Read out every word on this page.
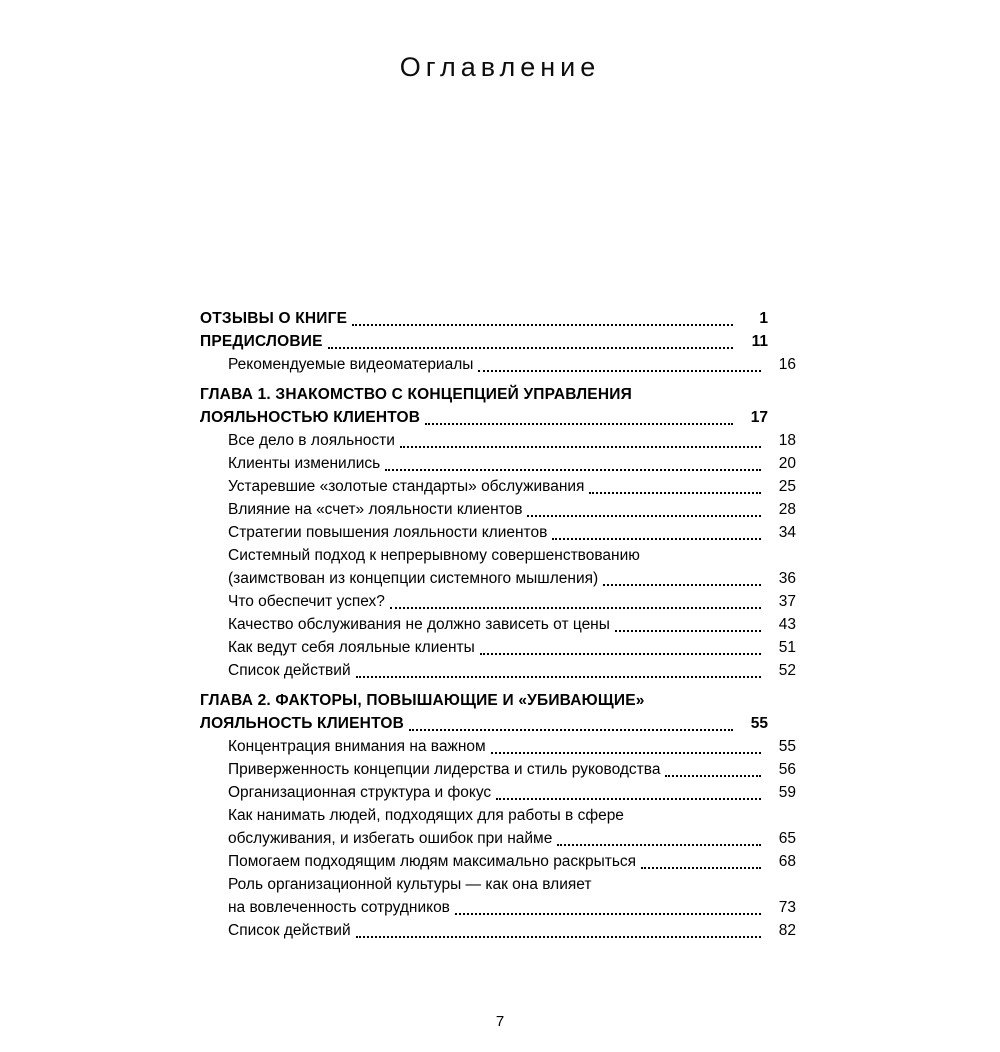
Оглавление
ОТЗЫВЫ О КНИГЕ	1
ПРЕДИСЛОВИЕ	11
Рекомендуемые видеоматериалы	16
ГЛАВА 1. ЗНАКОМСТВО С КОНЦЕПЦИЕЙ УПРАВЛЕНИЯ
ЛОЯЛЬНОСТЬЮ КЛИЕНТОВ	17
Все дело в лояльности	18
Клиенты изменились	20
Устаревшие «золотые стандарты» обслуживания	25
Влияние на «счет» лояльности клиентов	28
Стратегии повышения лояльности клиентов	34
Системный подход к непрерывному совершенствованию
(заимствован из концепции системного мышления)	36
Что обеспечит успех?	37
Качество обслуживания не должно зависеть от цены	43
Как ведут себя лояльные клиенты	51
Список действий	52
ГЛАВА 2. ФАКТОРЫ, ПОВЫШАЮЩИЕ И «УБИВАЮЩИЕ»
ЛОЯЛЬНОСТЬ КЛИЕНТОВ	55
Концентрация внимания на важном	55
Приверженность концепции лидерства и стиль руководства	56
Организационная структура и фокус	59
Как нанимать людей, подходящих для работы в сфере
обслуживания, и избегать ошибок при найме	65
Помогаем подходящим людям максимально раскрыться	68
Роль организационной культуры — как она влияет
на вовлеченность сотрудников	73
Список действий	82
7
